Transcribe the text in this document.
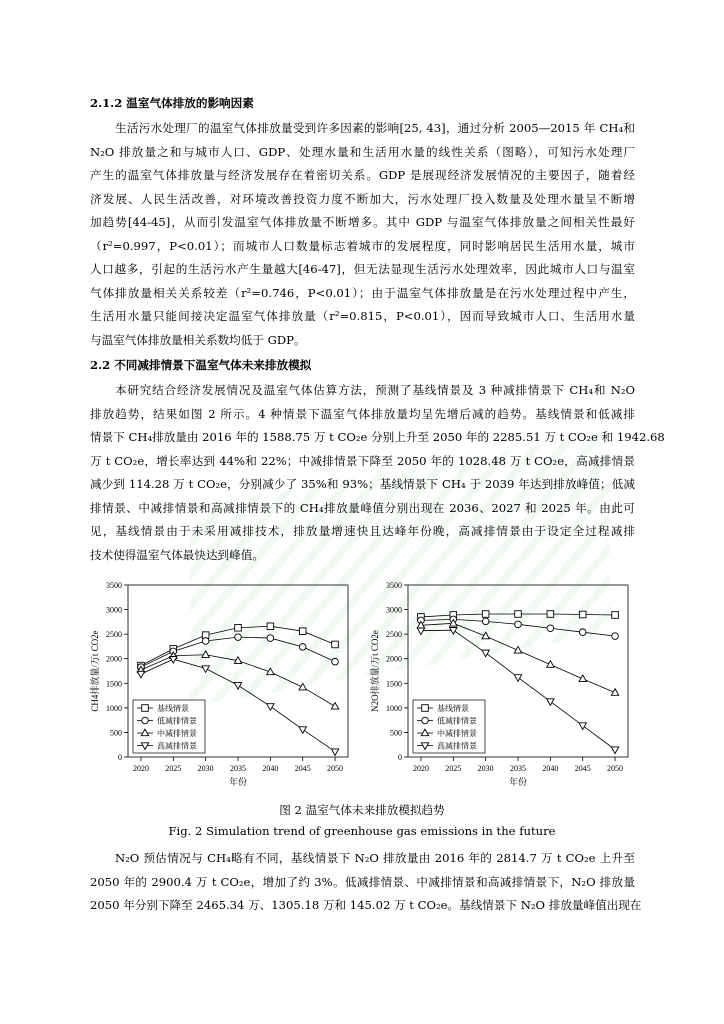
2.1.2 温室气体排放的影响因素
生活污水处理厂的温室气体排放量受到许多因素的影响[25, 43]，通过分析 2005—2015 年 CH₄和
N₂O 排放量之和与城市人口、GDP、处理水量和生活用水量的线性关系（图略），可知污水处理厂
产生的温室气体排放量与经济发展存在着密切关系。GDP 是展现经济发展情况的主要因子，随着经
济发展、人民生活改善，对环境改善投资力度不断加大，污水处理厂投入数量及处理水量呈不断增
加趋势[44-45]，从而引发温室气体排放量不断增多。其中 GDP 与温室气体排放量之间相关性最好
（r²=0.997，P<0.01）；而城市人口数量标志着城市的发展程度，同时影响居民生活用水量，城市
人口越多，引起的生活污水产生量越大[46-47]，但无法显现生活污水处理效率，因此城市人口与温室
气体排放量相关关系较差（r²=0.746，P<0.01）；由于温室气体排放量是在污水处理过程中产生，
生活用水量只能间接决定温室气体排放量（r²=0.815，P<0.01），因而导致城市人口、生活用水量
与温室气体排放量相关系数均低于 GDP。
2.2 不同减排情景下温室气体未来排放模拟
本研究结合经济发展情况及温室气体估算方法，预测了基线情景及 3 种减排情景下 CH₄和 N₂O
排放趋势，结果如图 2 所示。4 种情景下温室气体排放量均呈先增后减的趋势。基线情景和低减排
情景下 CH₄排放量由 2016 年的 1588.75 万 t CO₂e 分别上升至 2050 年的 2285.51 万 t CO₂e 和 1942.68
万 t CO₂e，增长率达到 44%和 22%；中减排情景下降至 2050 年的 1028.48 万 t CO₂e，高减排情景
减少到 114.28 万 t CO₂e，分别减少了 35%和 93%；基线情景下 CH₄ 于 2039 年达到排放峰值；低减
排情景、中减排情景和高减排情景下的 CH₄排放量峰值分别出现在 2036、2027 和 2025 年。由此可
见，基线情景由于未采用减排技术，排放量增速快且达峰年份晚，高减排情景由于设定全过程减排
技术使得温室气体最快达到峰值。
0
500
1000
1500
2000
2500
3000
3500
2020 2025 2030 2035 2040 2045 2050
年份
CH4排放量/万t CO2e	基线情景
低减排情景
中减排情景
高减排情景
0
500
1000
1500
2000
2500
3000
3500
2020 2025 2030 2035 2040 2045 2050
年份
N2O排放量/万t CO2e	基线情景
低减排情景
中减排情景
高减排情景
图 2 温室气体未来排放模拟趋势
Fig. 2 Simulation trend of greenhouse gas emissions in the future
N₂O 预估情况与 CH₄略有不同，基线情景下 N₂O 排放量由 2016 年的 2814.7 万 t CO₂e 上升至
2050 年的 2900.4 万 t CO₂e，增加了约 3%。低减排情景、中减排情景和高减排情景下，N₂O 排放量
2050 年分别下降至 2465.34 万、1305.18 万和 145.02 万 t CO₂e。基线情景下 N₂O 排放量峰值出现在
